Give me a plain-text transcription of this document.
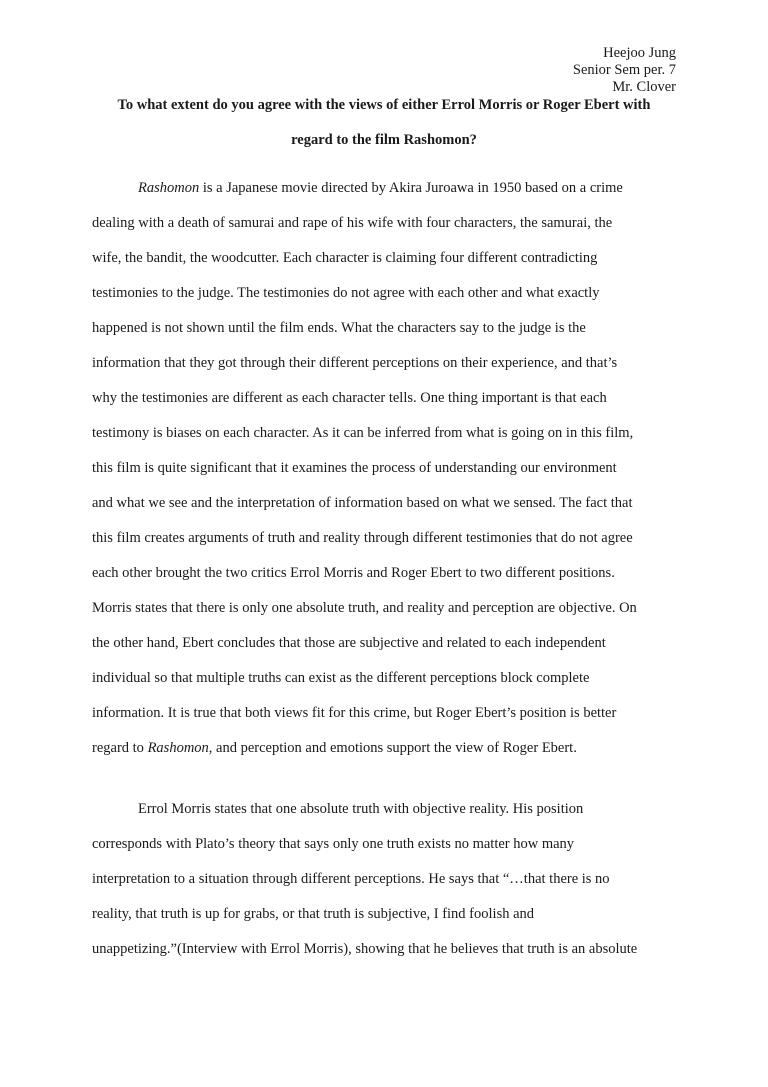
Heejoo Jung
Senior Sem per. 7
Mr. Clover
To what extent do you agree with the views of either Errol Morris or Roger Ebert with
regard to the film Rashomon?
Rashomon is a Japanese movie directed by Akira Juroawa in 1950 based on a crime
dealing with a death of samurai and rape of his wife with four characters, the samurai, the
wife, the bandit, the woodcutter. Each character is claiming four different contradicting
testimonies to the judge. The testimonies do not agree with each other and what exactly
happened is not shown until the film ends. What the characters say to the judge is the
information that they got through their different perceptions on their experience, and that’s
why the testimonies are different as each character tells. One thing important is that each
testimony is biases on each character. As it can be inferred from what is going on in this film,
this film is quite significant that it examines the process of understanding our environment
and what we see and the interpretation of information based on what we sensed. The fact that
this film creates arguments of truth and reality through different testimonies that do not agree
each other brought the two critics Errol Morris and Roger Ebert to two different positions.
Morris states that there is only one absolute truth, and reality and perception are objective. On
the other hand, Ebert concludes that those are subjective and related to each independent
individual so that multiple truths can exist as the different perceptions block complete
information. It is true that both views fit for this crime, but Roger Ebert’s position is better
regard to Rashomon, and perception and emotions support the view of Roger Ebert.
Errol Morris states that one absolute truth with objective reality. His position
corresponds with Plato’s theory that says only one truth exists no matter how many
interpretation to a situation through different perceptions. He says that “…that there is no
reality, that truth is up for grabs, or that truth is subjective, I find foolish and
unappetizing.”(Interview with Errol Morris), showing that he believes that truth is an absolute
